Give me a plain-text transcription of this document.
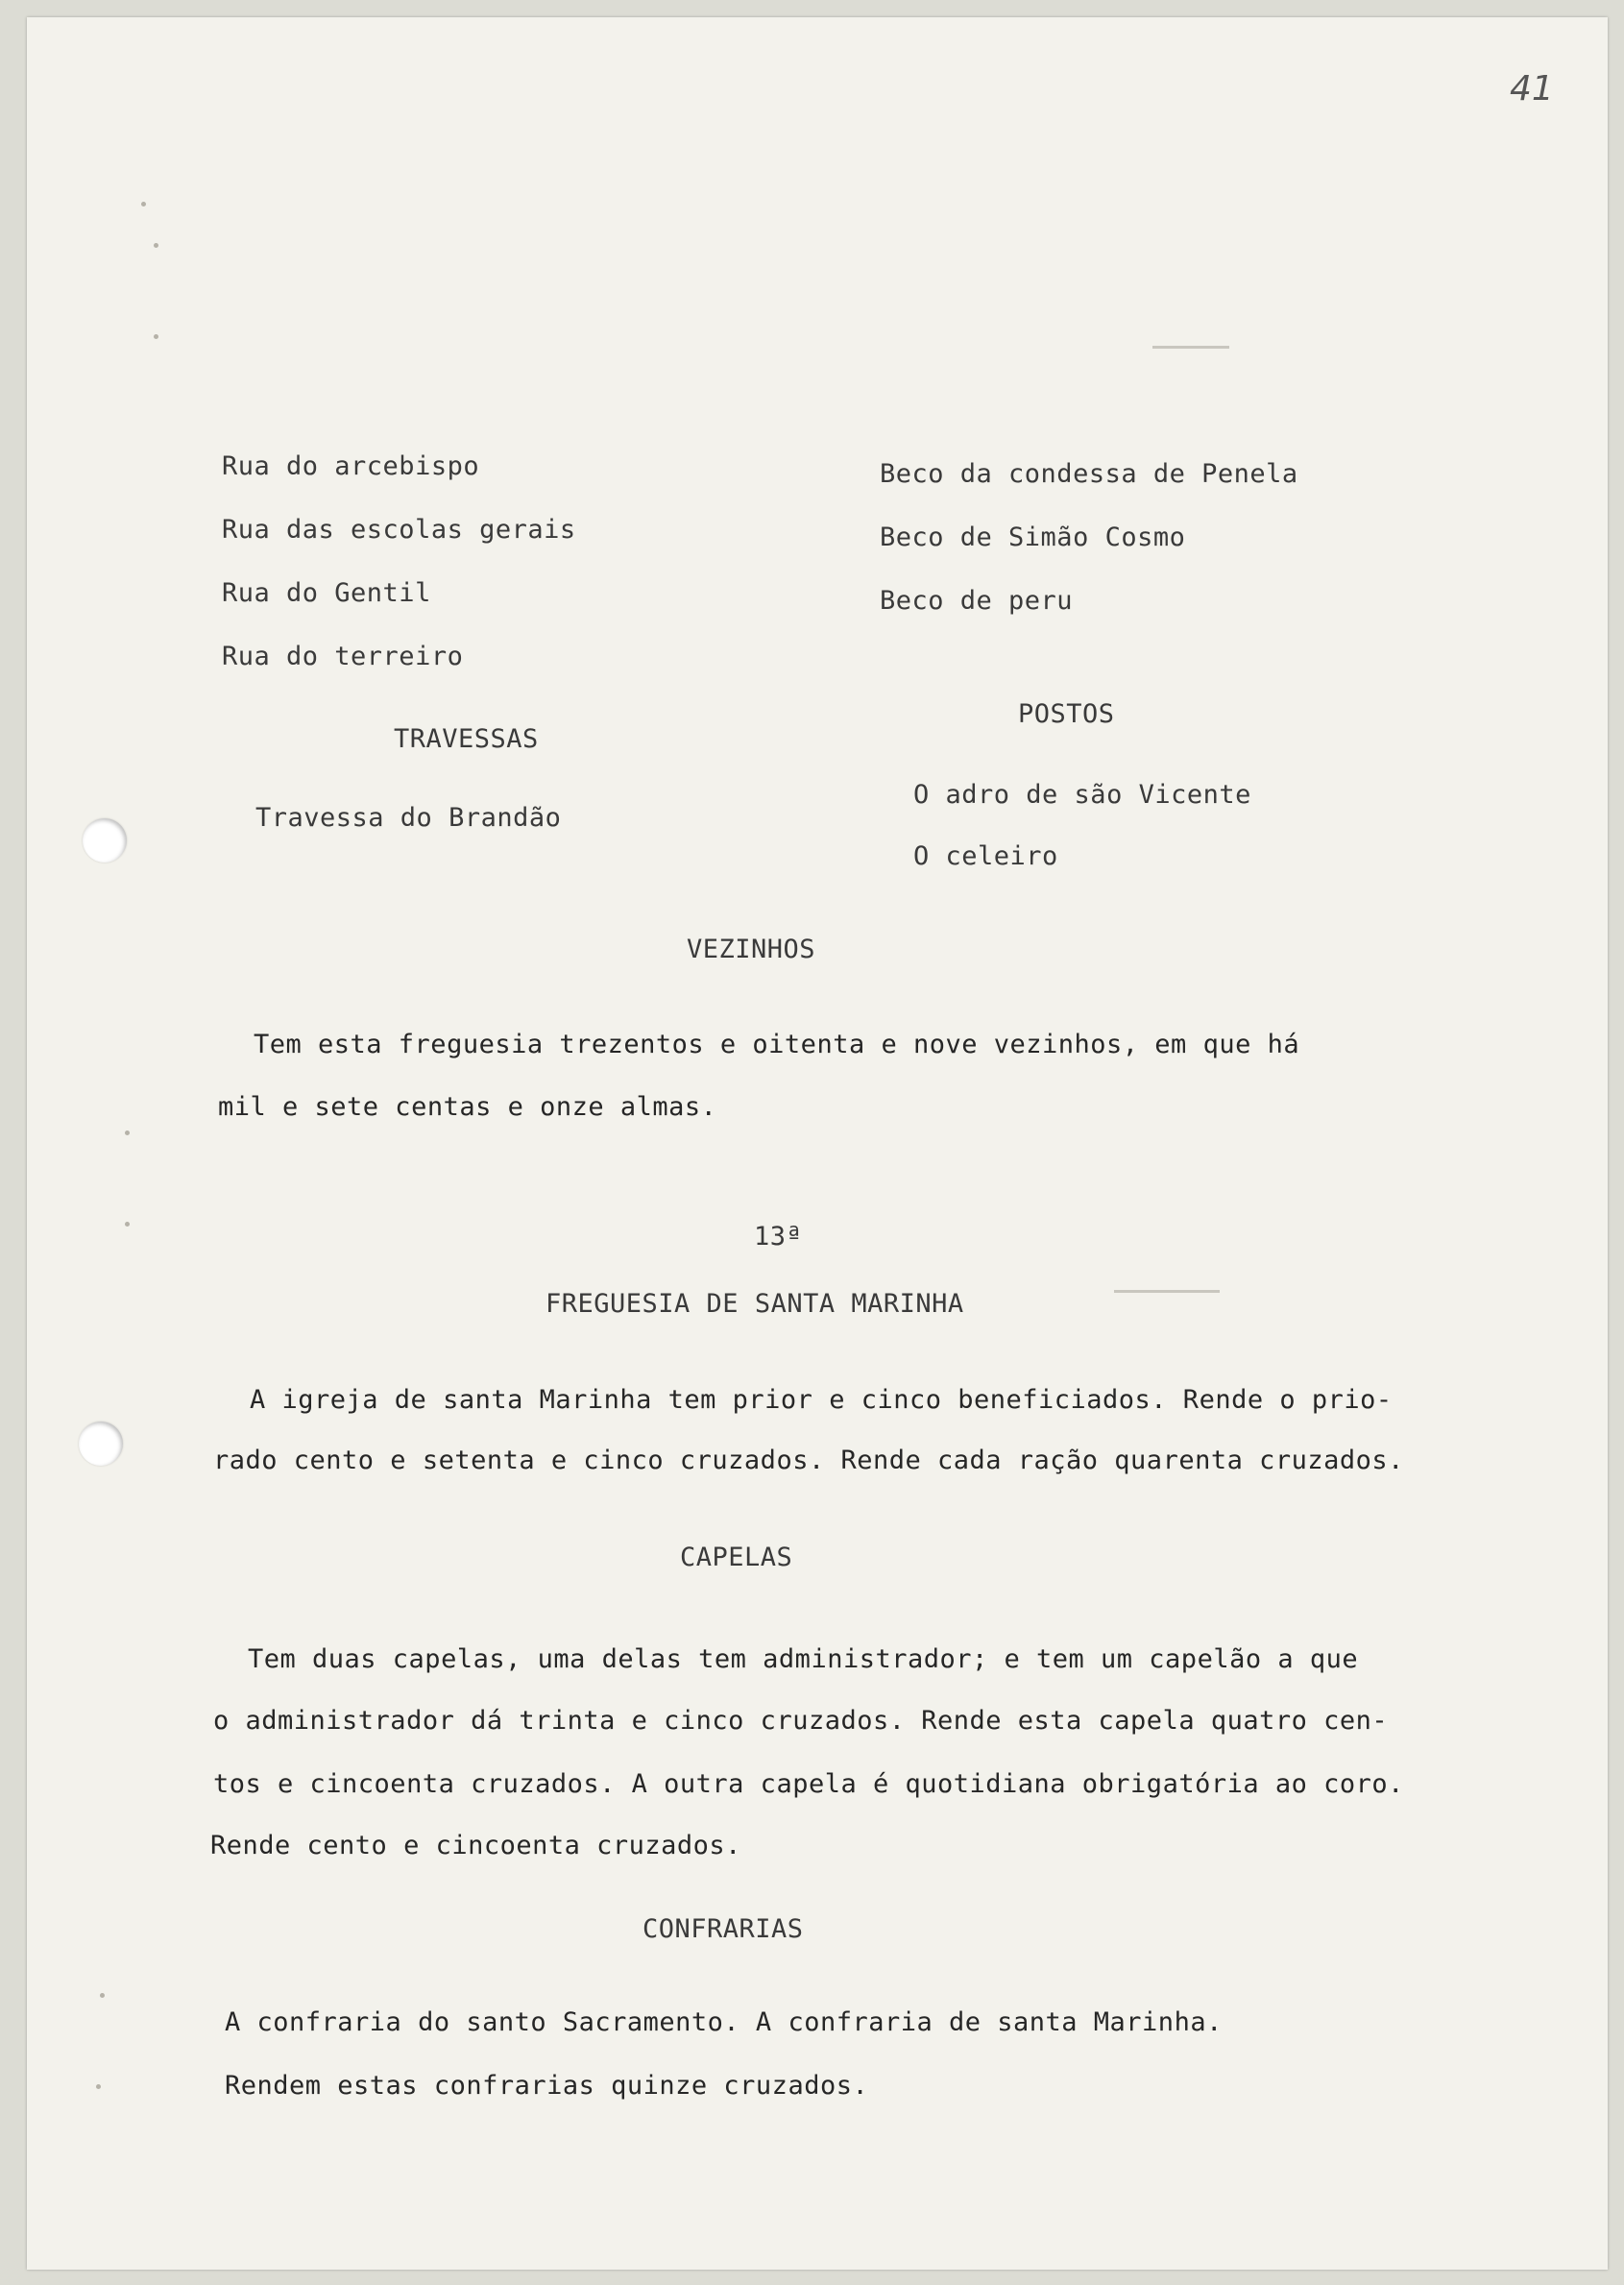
41

Rua do arcebispo

Rua das escolas gerais

Rua do Gentil

Rua do terreiro

Beco da condessa de Penela

Beco de Simão Cosmo

Beco de peru

TRAVESSAS

Travessa do Brandão

POSTOS

O adro de são Vicente

O celeiro

VEZINHOS

Tem esta freguesia trezentos e oitenta e nove vezinhos, em que há

mil e sete centas e onze almas.

13ª

FREGUESIA DE SANTA MARINHA

A igreja de santa Marinha tem prior e cinco beneficiados. Rende o prio-

rado cento e setenta e cinco cruzados. Rende cada ração quarenta cruzados.

CAPELAS

Tem duas capelas, uma delas tem administrador; e tem um capelão a que

o administrador dá trinta e cinco cruzados. Rende esta capela quatro cen-

tos e cincoenta cruzados. A outra capela é quotidiana obrigatória ao coro.

Rende cento e cincoenta cruzados.

CONFRARIAS

A confraria do santo Sacramento. A confraria de santa Marinha.

Rendem estas confrarias quinze cruzados.
